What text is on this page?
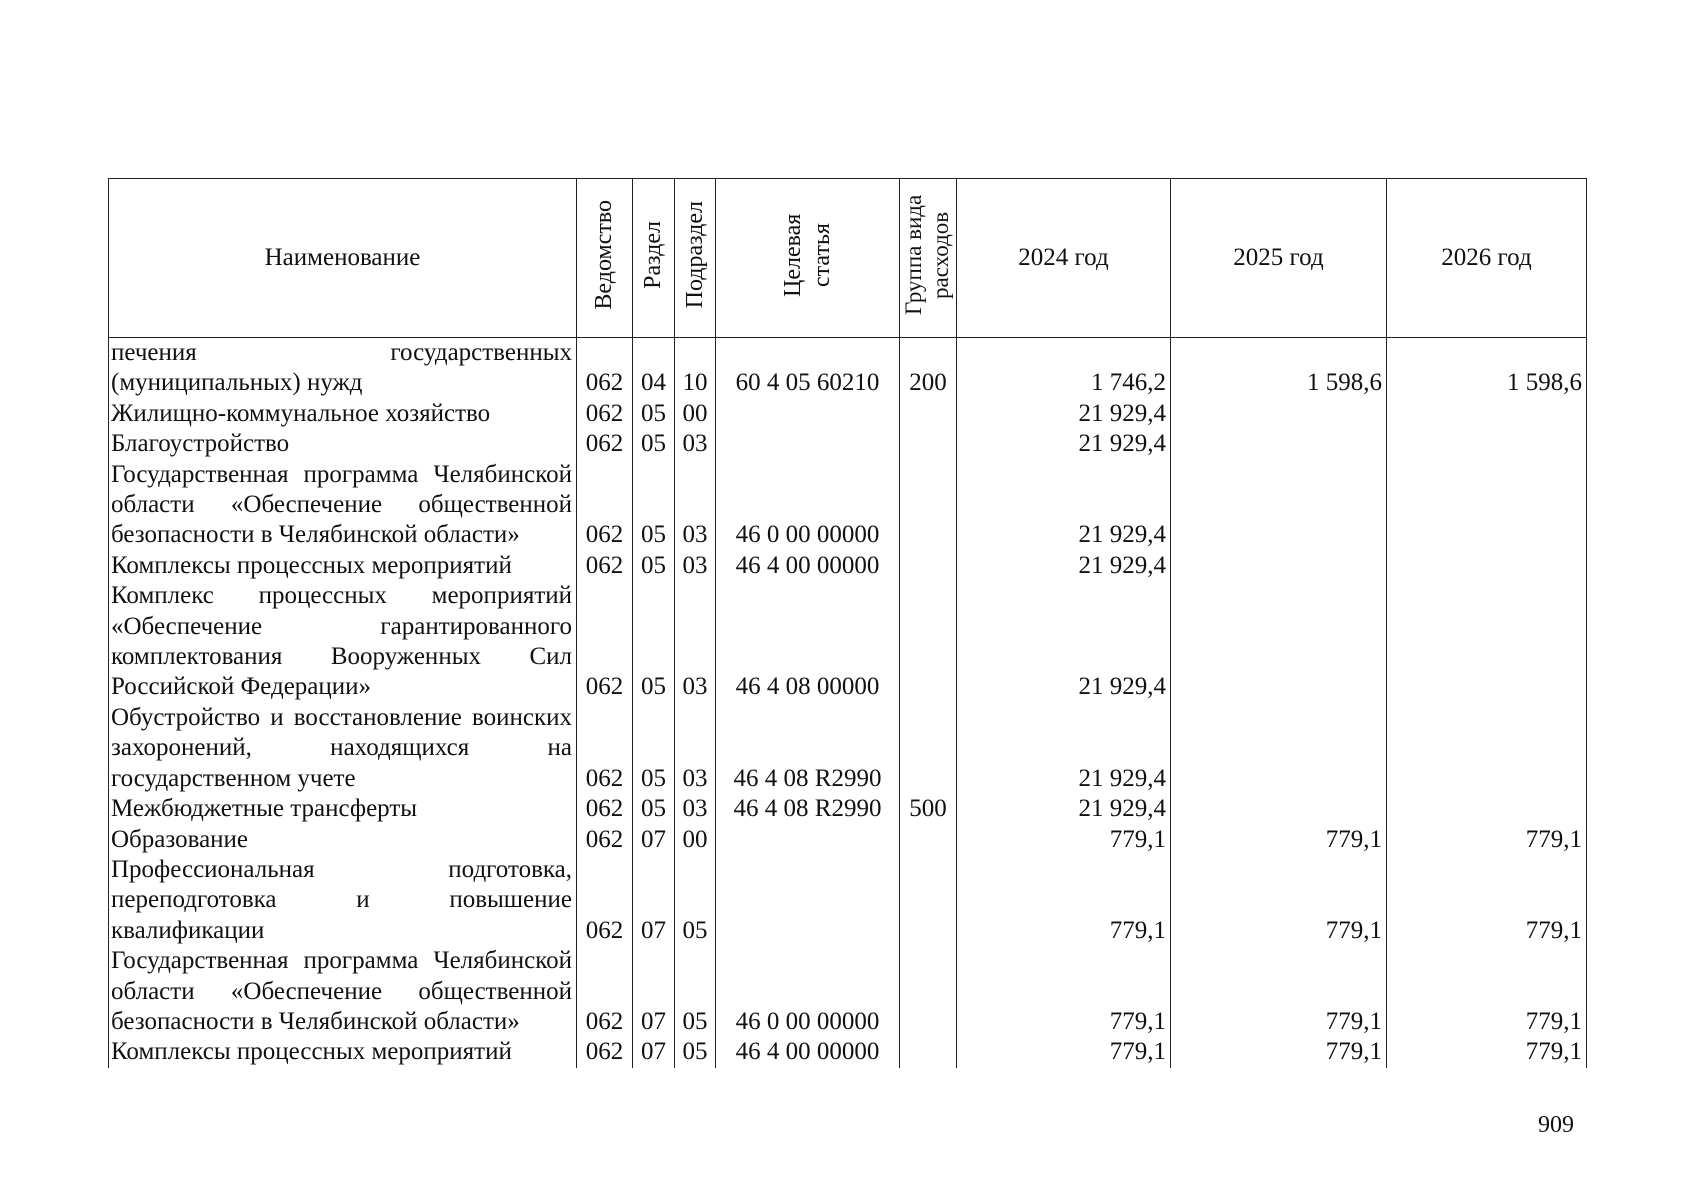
Наименование	Ведомство	Раздел	Подраздел	Целевая статья	Группа вида расходов	2024 год	2025 год	2026 год
печения государственных (муниципальных) нужд	062	04	10	60 4 05 60210	200	1 746,2	1 598,6	1 598,6
Жилищно-коммунальное хозяйство	062	05	00			21 929,4		
Благоустройство	062	05	03			21 929,4		
Государственная программа Челябинской области «Обеспечение общественной безопасности в Челябинской области»	062	05	03	46 0 00 00000		21 929,4		
Комплексы процессных мероприятий	062	05	03	46 4 00 00000		21 929,4		
Комплекс процессных мероприятий «Обеспечение гарантированного комплектования Вооруженных Сил Российской Федерации»	062	05	03	46 4 08 00000		21 929,4		
Обустройство и восстановление воинских захоронений, находящихся на государственном учете	062	05	03	46 4 08 R2990		21 929,4		
Межбюджетные трансферты	062	05	03	46 4 08 R2990	500	21 929,4		
Образование	062	07	00			779,1	779,1	779,1
Профессиональная подготовка, переподготовка и повышение квалификации	062	07	05			779,1	779,1	779,1
Государственная программа Челябинской области «Обеспечение общественной безопасности в Челябинской области»	062	07	05	46 0 00 00000		779,1	779,1	779,1
Комплексы процессных мероприятий	062	07	05	46 4 00 00000		779,1	779,1	779,1
909
